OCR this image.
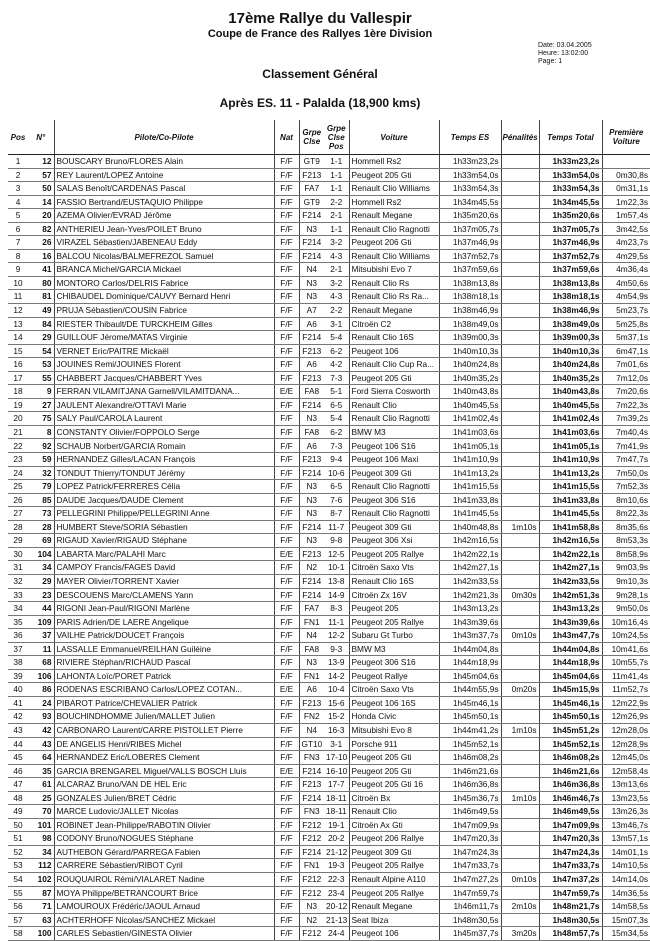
17ème Rallye du Vallespir
Coupe de France des Rallyes 1ère Division
Date: 03.04.2005
Heure: 13:02:00
Page: 1
Classement Général
Après ES. 11 - Palalda (18,900 kms)
Pos	N°	Pilote/Co-Pilote	Nat	Grpe Clse	Grpe Clse Pos	Voiture	Temps ES	Pénalités	Temps Total	Première Voiture
1	12	BOUSCARY Bruno/FLORES Alain	F/F	GT9	1-1	Hommell Rs2	1h33m23,2s		1h33m23,2s	
2	57	REY Laurent/LOPEZ Antoine	F/F	F213	1-1	Peugeot 205 Gti	1h33m54,0s		1h33m54,0s	0m30,8s
3	50	SALAS Benoît/CARDENAS Pascal	F/F	FA7	1-1	Renault Clio Williams	1h33m54,3s		1h33m54,3s	0m31,1s
4	14	FASSIO Bertrand/EUSTAQUIO Philippe	F/F	GT9	2-2	Hommell Rs2	1h34m45,5s		1h34m45,5s	1m22,3s
5	20	AZEMA Olivier/EVRAD Jérôme	F/F	F214	2-1	Renault Megane	1h35m20,6s		1h35m20,6s	1m57,4s
6	82	ANTHERIEU Jean-Yves/POILET Bruno	F/F	N3	1-1	Renault Clio Ragnotti	1h37m05,7s		1h37m05,7s	3m42,5s
7	26	VIRAZEL Sébastien/JABENEAU Eddy	F/F	F214	3-2	Peugeot 206 Gti	1h37m46,9s		1h37m46,9s	4m23,7s
8	16	BALCOU Nicolas/BALMEFREZOL Samuel	F/F	F214	4-3	Renault Clio Williams	1h37m52,7s		1h37m52,7s	4m29,5s
9	41	BRANCA Michel/GARCIA Mickael	F/F	N4	2-1	Mitsubishi Evo 7	1h37m59,6s		1h37m59,6s	4m36,4s
10	80	MONTORO Carlos/DELRIS Fabrice	F/F	N3	3-2	Renault Clio Rs	1h38m13,8s		1h38m13,8s	4m50,6s
11	81	CHIBAUDEL Dominique/CAUVY Bernard Henri	F/F	N3	4-3	Renault Clio Rs Ra...	1h38m18,1s		1h38m18,1s	4m54,9s
12	49	PRUJA Sébastien/COUSIN Fabrice	F/F	A7	2-2	Renault Megane	1h38m46,9s		1h38m46,9s	5m23,7s
13	84	RIESTER Thibault/DE TURCKHEIM Gilles	F/F	A6	3-1	Citroën C2	1h38m49,0s		1h38m49,0s	5m25,8s
14	29	GUILLOUF Jérome/MATAS Virginie	F/F	F214	5-4	Renault Clio 16S	1h39m00,3s		1h39m00,3s	5m37,1s
15	54	VERNET Eric/PAITRE Mickaël	F/F	F213	6-2	Peugeot 106	1h40m10,3s		1h40m10,3s	6m47,1s
16	53	JOUINES Remi/JOUINES Florent	F/F	A6	4-2	Renault Clio Cup Ra...	1h40m24,8s		1h40m24,8s	7m01,6s
17	55	CHABBERT Jacques/CHABBERT Yves	F/F	F213	7-3	Peugeot 205 Gti	1h40m35,2s		1h40m35,2s	7m12,0s
18	9	FERRAN VILAMITJANA Garnell/VILAMITDANA...	E/E	FA8	5-1	Ford Sierra Cosworth	1h40m43,8s		1h40m43,8s	7m20,6s
19	27	JAULENT Alexandre/OTTAVI Marie	F/F	F214	6-5	Renault Clio	1h40m45,5s		1h40m45,5s	7m22,3s
20	75	SALY Paul/CAROLA Laurent	F/F	N3	5-4	Renault Clio Ragnotti	1h41m02,4s		1h41m02,4s	7m39,2s
21	8	CONSTANTY Olivier/FOPPOLO Serge	F/F	FA8	6-2	BMW M3	1h41m03,6s		1h41m03,6s	7m40,4s
22	92	SCHAUB Norbert/GARCIA Romain	F/F	A6	7-3	Peugeot 106 S16	1h41m05,1s		1h41m05,1s	7m41,9s
23	59	HERNANDEZ Gilles/LACAN François	F/F	F213	9-4	Peugeot 106 Maxi	1h41m10,9s		1h41m10,9s	7m47,7s
24	32	TONDUT Thierry/TONDUT Jérémy	F/F	F214	10-6	Peugeot 309 Gti	1h41m13,2s		1h41m13,2s	7m50,0s
25	79	LOPEZ Patrick/FERRERES Célia	F/F	N3	6-5	Renault Clio Ragnotti	1h41m15,5s		1h41m15,5s	7m52,3s
26	85	DAUDE Jacques/DAUDE Clement	F/F	N3	7-6	Peugeot 306 S16	1h41m33,8s		1h41m33,8s	8m10,6s
27	73	PELLEGRINI Philippe/PELLEGRINI Anne	F/F	N3	8-7	Renault Clio Ragnotti	1h41m45,5s		1h41m45,5s	8m22,3s
28	28	HUMBERT Steve/SORIA Sébastien	F/F	F214	11-7	Peugeot 309 Gti	1h40m48,8s	1m10s	1h41m58,8s	8m35,6s
29	69	RIGAUD Xavier/RIGAUD Stéphane	F/F	N3	9-8	Peugeot 306 Xsi	1h42m16,5s		1h42m16,5s	8m53,3s
30	104	LABARTA Marc/PALAHI Marc	E/E	F213	12-5	Peugeot 205 Rallye	1h42m22,1s		1h42m22,1s	8m58,9s
31	34	CAMPOY Francis/FAGES David	F/F	N2	10-1	Citroën Saxo Vts	1h42m27,1s		1h42m27,1s	9m03,9s
32	29	MAYER Olivier/TORRENT Xavier	F/F	F214	13-8	Renault Clio 16S	1h42m33,5s		1h42m33,5s	9m10,3s
33	23	DESCOUENS Marc/CLAMENS Yann	F/F	F214	14-9	Citroën Zx 16V	1h42m21,3s	0m30s	1h42m51,3s	9m28,1s
34	44	RIGONI Jean-Paul/RIGONI Marlène	F/F	FA7	8-3	Peugeot 205	1h43m13,2s		1h43m13,2s	9m50,0s
35	109	PARIS Adrien/DE LAERE Angelique	F/F	FN1	11-1	Peugeot 205 Rallye	1h43m39,6s		1h43m39,6s	10m16,4s
36	37	VAILHE Patrick/DOUCET François	F/F	N4	12-2	Subaru Gt Turbo	1h43m37,7s	0m10s	1h43m47,7s	10m24,5s
37	11	LASSALLE Emmanuel/REILHAN Guiléine	F/F	FA8	9-3	BMW M3	1h44m04,8s		1h44m04,8s	10m41,6s
38	68	RIVIERE Stéphan/RICHAUD Pascal	F/F	N3	13-9	Peugeot 306 S16	1h44m18,9s		1h44m18,9s	10m55,7s
39	106	LAHONTA Loïc/PORET Patrick	F/F	FN1	14-2	Peugeot Rallye	1h45m04,6s		1h45m04,6s	11m41,4s
40	86	RODENAS ESCRIBANO Carlos/LOPEZ COTAN...	E/E	A6	10-4	Citroën Saxo Vts	1h44m55,9s	0m20s	1h45m15,9s	11m52,7s
41	24	PIBAROT Patrice/CHEVALIER Patrick	F/F	F213	15-6	Peugeot 106 16S	1h45m46,1s		1h45m46,1s	12m22,9s
42	93	BOUCHINDHOMME Julien/MALLET Julien	F/F	FN2	15-2	Honda Civic	1h45m50,1s		1h45m50,1s	12m26,9s
43	42	CARBONARO Laurent/CARRE PISTOLLET Pierre	F/F	N4	16-3	Mitsubishi Evo 8	1h44m41,2s	1m10s	1h45m51,2s	12m28,0s
44	43	DE ANGELIS Henri/RIBES Michel	F/F	GT10	3-1	Porsche 911	1h45m52,1s		1h45m52,1s	12m28,9s
45	64	HERNANDEZ Eric/LOBERES Clement	F/F	FN3	17-10	Peugeot 205 Gti	1h46m08,2s		1h46m08,2s	12m45,0s
46	35	GARCIA BRENGAREL Miguel/VALLS BOSCH Lluis	E/E	F214	16-10	Peugeot 205 Gti	1h46m21,6s		1h46m21,6s	12m58,4s
47	61	ALCARAZ Bruno/VAN DE HEL Eric	F/F	F213	17-7	Peugeot 205 Gti 16	1h46m36,8s		1h46m36,8s	13m13,6s
48	25	GONZALES Julien/BRET Cédric	F/F	F214	18-11	Citroën Bx	1h45m36,7s	1m10s	1h46m46,7s	13m23,5s
49	70	MARCE Ludovic/JALLET Nicolas	F/F	FN3	18-11	Renault Clio	1h46m49,5s		1h46m49,5s	13m26,3s
50	101	ROBINET Jean-Philippe/RABOTIN Olivier	F/F	F212	19-1	Citroën Ax Gti	1h47m09,9s		1h47m09,9s	13m46,7s
51	98	CODONY Bruno/NOGUES Stéphane	F/F	F212	20-2	Peugeot 206 Rallye	1h47m20,3s		1h47m20,3s	13m57,1s
52	34	AUTHEBON Gérard/PARREGA Fabien	F/F	F214	21-12	Peugeot 309 Gti	1h47m24,3s		1h47m24,3s	14m01,1s
53	112	CARRERE Sébastien/RIBOT Cyril	F/F	FN1	19-3	Peugeot 205 Rallye	1h47m33,7s		1h47m33,7s	14m10,5s
54	102	ROUQUAIROL Rémi/VIALARET Nadine	F/F	F212	22-3	Renault Alpine A110	1h47m27,2s	0m10s	1h47m37,2s	14m14,0s
55	87	MOYA Philippe/BETRANCOURT Brice	F/F	F212	23-4	Peugeot 205 Rallye	1h47m59,7s		1h47m59,7s	14m36,5s
56	71	LAMOUROUX Frédéric/JAOUL Arnaud	F/F	N3	20-12	Renault Megane	1h46m11,7s	2m10s	1h48m21,7s	14m58,5s
57	63	ACHTERHOFF Nicolas/SANCHEZ Mickael	F/F	N2	21-13	Seat Ibiza	1h48m30,5s		1h48m30,5s	15m07,3s
58	100	CARLES Sebastien/GINESTA Olivier	F/F	F212	24-4	Peugeot 106	1h45m37,7s	3m20s	1h48m57,7s	15m34,5s
